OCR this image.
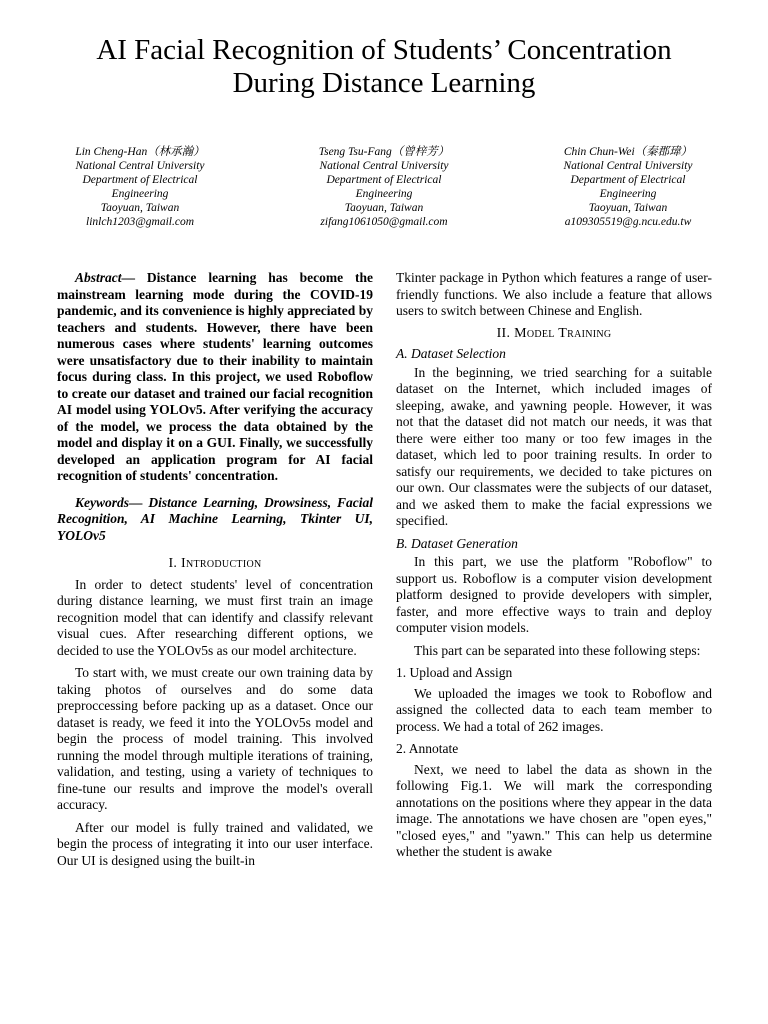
AI Facial Recognition of Students’ Concentration
During Distance Learning
Lin Cheng-Han（林承瀚）
National Central University
Department of Electrical
Engineering
Taoyuan, Taiwan
linlch1203@gmail.com
Tseng Tsu-Fang（曾梓芳）
National Central University
Department of Electrical
Engineering
Taoyuan, Taiwan
zifang1061050@gmail.com
Chin Chun-Wei（秦郡瑋）
National Central University
Department of Electrical
Engineering
Taoyuan, Taiwan
a109305519@g.ncu.edu.tw

Abstract— Distance learning has become the mainstream learning mode during the COVID-19 pandemic, and its convenience is highly appreciated by teachers and students. However, there have been numerous cases where students' learning outcomes were unsatisfactory due to their inability to maintain focus during class. In this project, we used Roboflow to create our dataset and trained our facial recognition AI model using YOLOv5. After verifying the accuracy of the model, we process the data obtained by the model and display it on a GUI. Finally, we successfully developed an application program for AI facial recognition of students' concentration.

Keywords— Distance Learning, Drowsiness, Facial Recognition, AI Machine Learning, Tkinter UI, YOLOv5

I. Introduction

In order to detect students' level of concentration during distance learning, we must first train an image recognition model that can identify and classify relevant visual cues. After researching different options, we decided to use the YOLOv5s as our model architecture.

To start with, we must create our own training data by taking photos of ourselves and do some data preproccessing before packing up as a dataset. Once our dataset is ready, we feed it into the YOLOv5s model and begin the process of model training. This involved running the model through multiple iterations of training, validation, and testing, using a variety of techniques to fine-tune our results and improve the model's overall accuracy.

After our model is fully trained and validated, we begin the process of integrating it into our user interface. Our UI is designed using the built-in

Tkinter package in Python which features a range of user-friendly functions. We also include a feature that allows users to switch between Chinese and English.

II. Model Training
A. Dataset Selection

In the beginning, we tried searching for a suitable dataset on the Internet, which included images of sleeping, awake, and yawning people. However, it was not that the dataset did not match our needs, it was that there were either too many or too few images in the dataset, which led to poor training results. In order to satisfy our requirements, we decided to take pictures on our own. Our classmates were the subjects of our dataset, and we asked them to make the facial expressions we specified.

B. Dataset Generation

In this part, we use the platform "Roboflow" to support us. Roboflow is a computer vision development platform designed to provide developers with simpler, faster, and more effective ways to train and deploy computer vision models.

This part can be separated into these following steps:

1. Upload and Assign

We uploaded the images we took to Roboflow and assigned the collected data to each team member to process. We had a total of 262 images.

2. Annotate

Next, we need to label the data as shown in the following Fig.1. We will mark the corresponding annotations on the positions where they appear in the data image. The annotations we have chosen are "open eyes," "closed eyes," and "yawn." This can help us determine whether the student is awake
